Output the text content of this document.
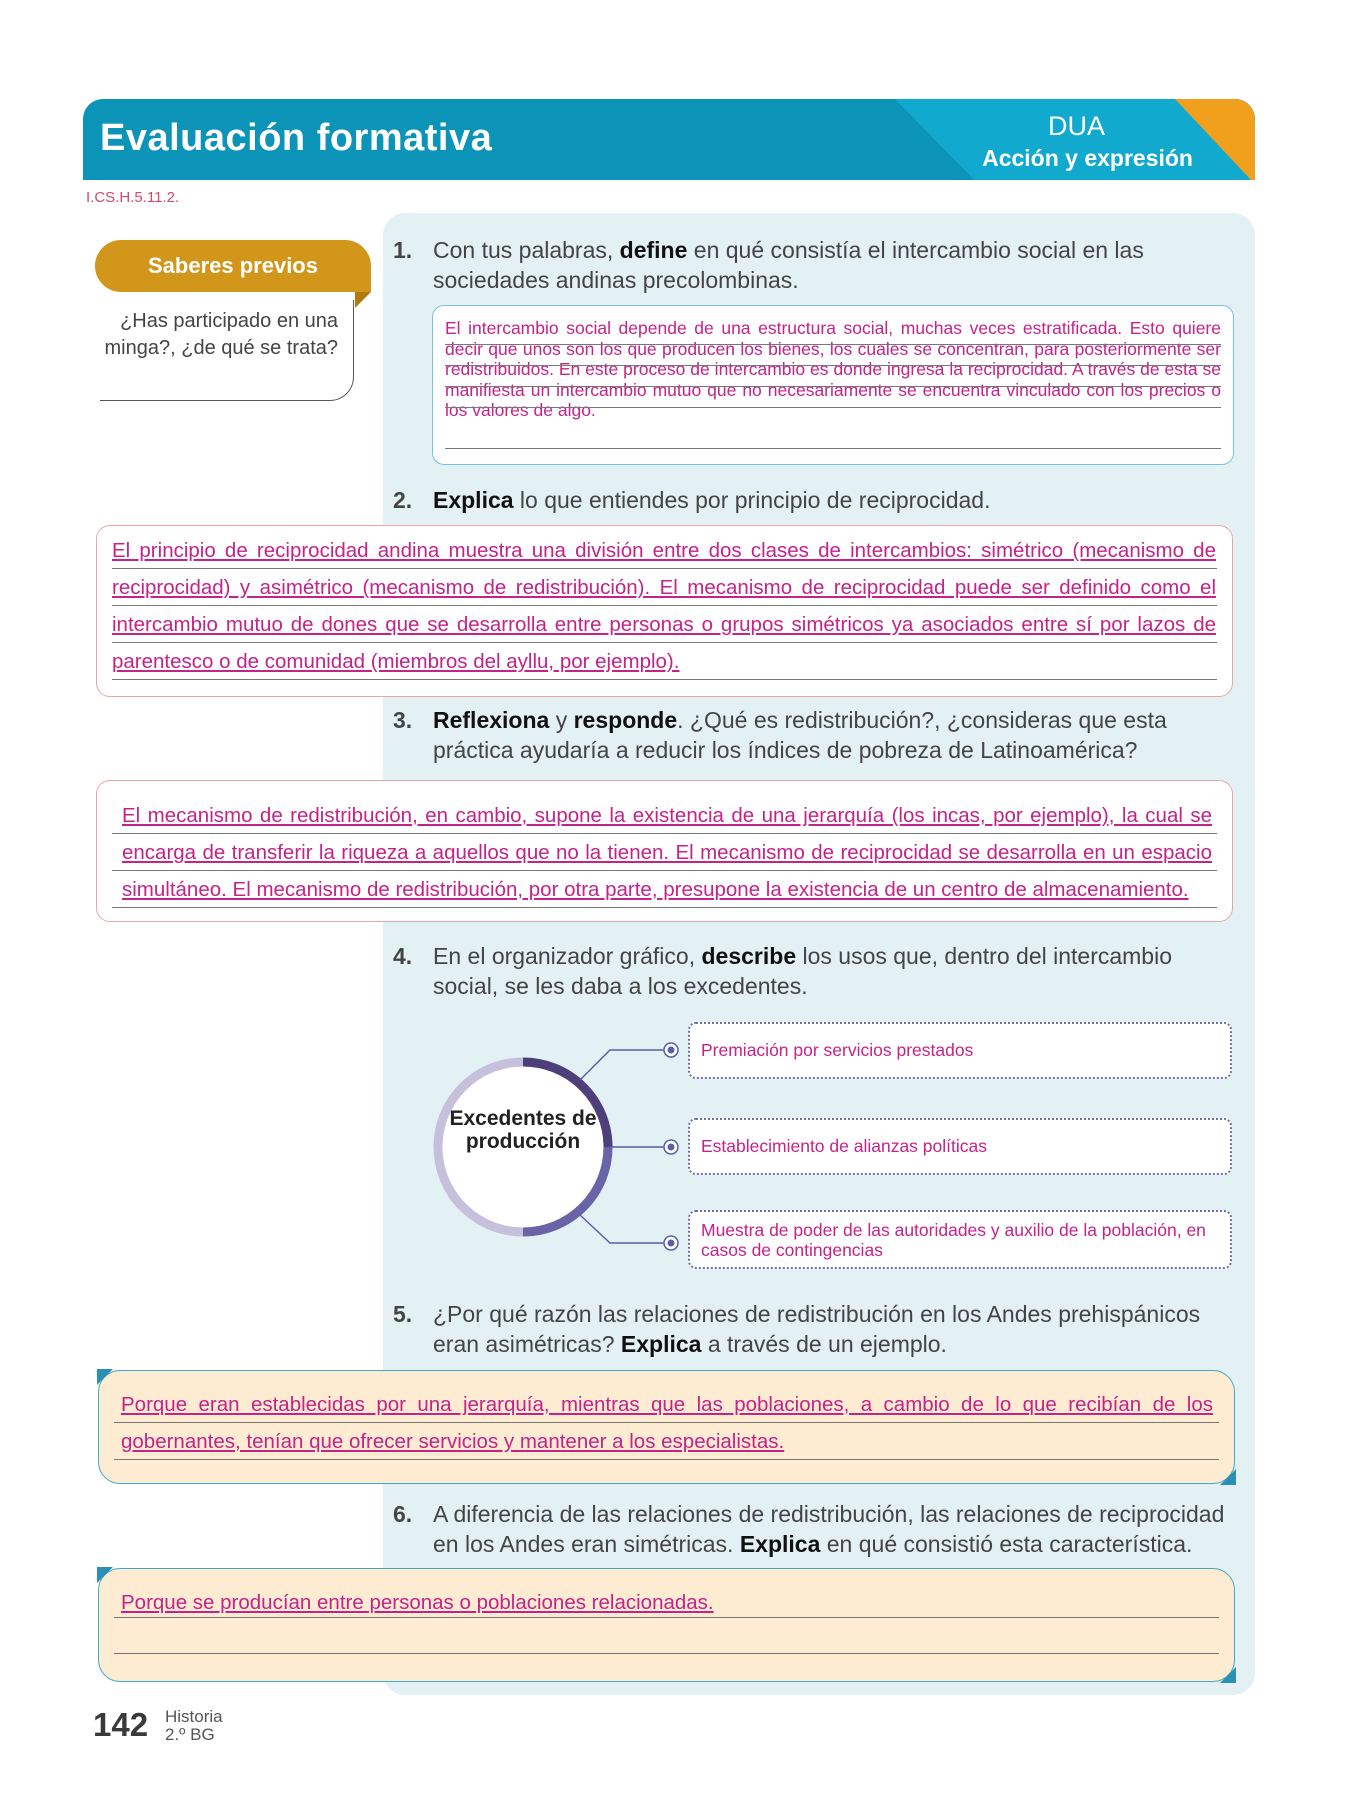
Evaluación formativa	DUA
Acción y expresión
I.CS.H.5.11.2.
Saberes previos
¿Has participado en una minga?, ¿de qué se trata?
1. Con tus palabras, define en qué consistía el intercambio social en las sociedades andinas precolombinas.
El intercambio social depende de una estructura social, muchas veces estratificada. Esto quiere decir que unos son los que producen los bienes, los cuales se concentran, para posteriormente ser redistribuidos. En este proceso de intercambio es donde ingresa la reciprocidad. A través de esta se manifiesta un intercambio mutuo que no necesariamente se encuentra vinculado con los precios o los valores de algo.
2. Explica lo que entiendes por principio de reciprocidad.
El principio de reciprocidad andina muestra una división entre dos clases de intercambios: simétrico (mecanismo de reciprocidad) y asimétrico (mecanismo de redistribución). El mecanismo de reciprocidad puede ser definido como el intercambio mutuo de dones que se desarrolla entre personas o grupos simétricos ya asociados entre sí por lazos de parentesco o de comunidad (miembros del ayllu, por ejemplo).
3. Reflexiona y responde. ¿Qué es redistribución?, ¿consideras que esta práctica ayudaría a reducir los índices de pobreza de Latinoamérica?
El mecanismo de redistribución, en cambio, supone la existencia de una jerarquía (los incas, por ejemplo), la cual se encarga de transferir la riqueza a aquellos que no la tienen. El mecanismo de reciprocidad se desarrolla en un espacio simultáneo. El mecanismo de redistribución, por otra parte, presupone la existencia de un centro de almacenamiento.
4. En el organizador gráfico, describe los usos que, dentro del intercambio social, se les daba a los excedentes.
Excedentes de producción
Premiación por servicios prestados
Establecimiento de alianzas políticas
Muestra de poder de las autoridades y auxilio de la población, en casos de contingencias
5. ¿Por qué razón las relaciones de redistribución en los Andes prehispánicos eran asimétricas? Explica a través de un ejemplo.
Porque eran establecidas por una jerarquía, mientras que las poblaciones, a cambio de lo que recibían de los gobernantes, tenían que ofrecer servicios y mantener a los especialistas.
6. A diferencia de las relaciones de redistribución, las relaciones de reciprocidad en los Andes eran simétricas. Explica en qué consistió esta característica.
Porque se producían entre personas o poblaciones relacionadas.
142 Historia
2.º BG
